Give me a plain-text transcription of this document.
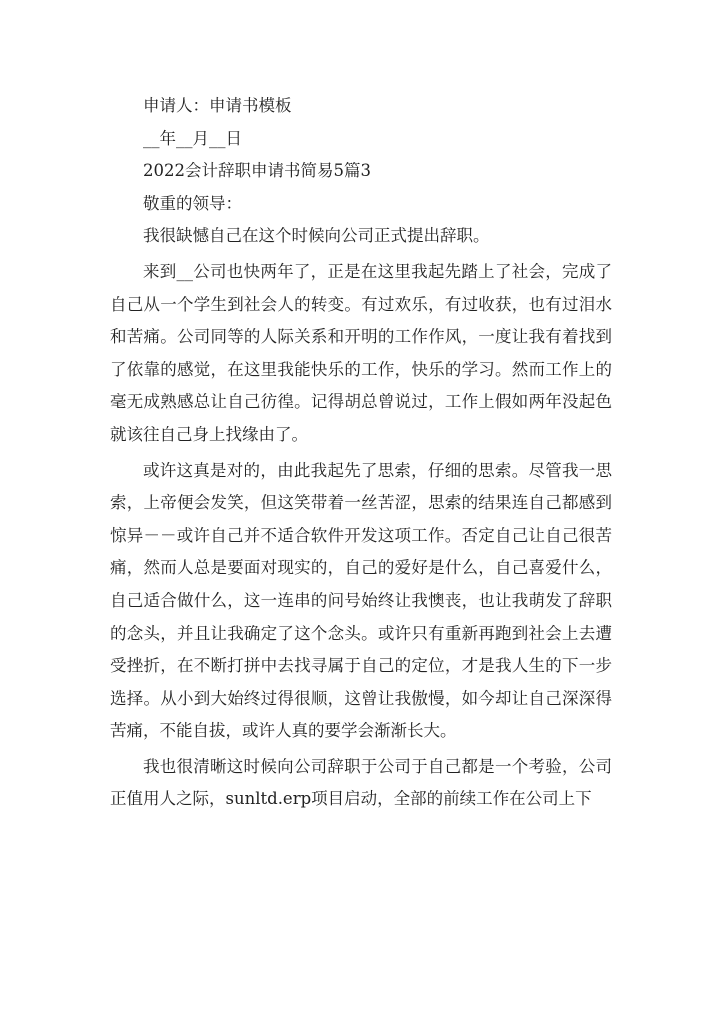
申请人：申请书模板

__年__月__日

2022会计辞职申请书简易5篇3

敬重的领导：

我很缺憾自己在这个时候向公司正式提出辞职。

来到__公司也快两年了，正是在这里我起先踏上了社会，完成了自己从一个学生到社会人的转变。有过欢乐，有过收获，也有过泪水和苦痛。公司同等的人际关系和开明的工作作风，一度让我有着找到了依靠的感觉，在这里我能快乐的工作，快乐的学习。然而工作上的毫无成熟感总让自己彷徨。记得胡总曾说过，工作上假如两年没起色就该往自己身上找缘由了。

或许这真是对的，由此我起先了思索，仔细的思索。尽管我一思索，上帝便会发笑，但这笑带着一丝苦涩，思索的结果连自己都感到惊异－－或许自己并不适合软件开发这项工作。否定自己让自己很苦痛，然而人总是要面对现实的，自己的爱好是什么，自己喜爱什么，自己适合做什么，这一连串的问号始终让我懊丧，也让我萌发了辞职的念头，并且让我确定了这个念头。或许只有重新再跑到社会上去遭受挫折，在不断打拼中去找寻属于自己的定位，才是我人生的下一步选择。从小到大始终过得很顺，这曾让我傲慢，如今却让自己深深得苦痛，不能自拔，或许人真的要学会渐渐长大。

我也很清晰这时候向公司辞职于公司于自己都是一个考验，公司正值用人之际，sunltd.erp项目启动，全部的前续工作在公司上下
